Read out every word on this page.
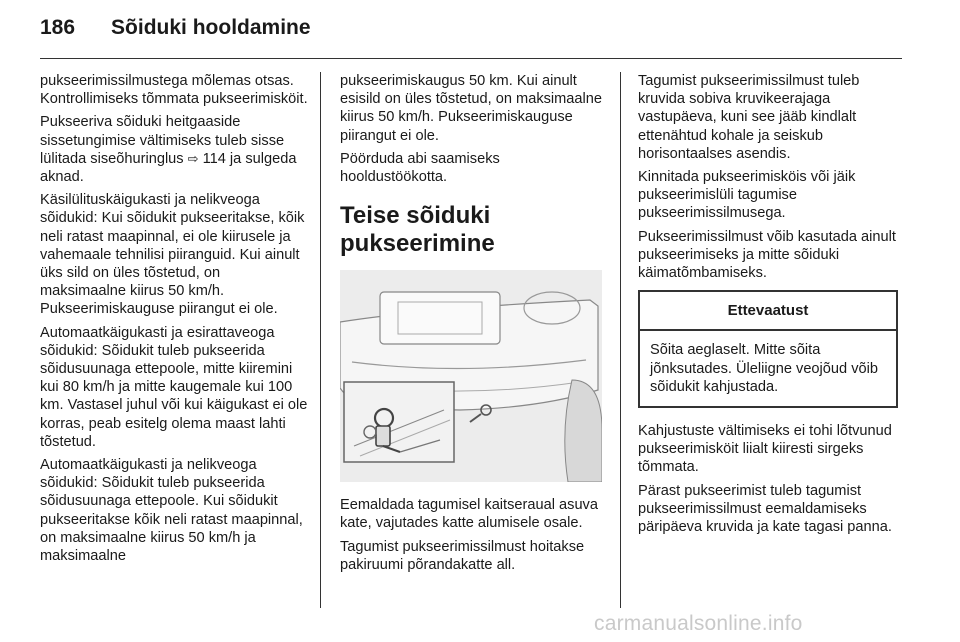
186 Sõiduki hooldamine

pukseerimissilmustega mõlemas otsas. Kontrollimiseks tõmmata pukseerimisköit.

Pukseeriva sõiduki heitgaaside sissetungimise vältimiseks tuleb sisse lülitada siseõhuringlus ⇨ 114 ja sulgeda aknad.

Käsilülituskäigukasti ja nelikveoga sõidukid: Kui sõidukit pukseeritakse, kõik neli ratast maapinnal, ei ole kiirusele ja vahemaale tehnilisi piiranguid. Kui ainult üks sild on üles tõstetud, on maksimaalne kiirus 50 km/h. Pukseerimiskauguse piirangut ei ole.

Automaatkäigukasti ja esirattaveoga sõidukid: Sõidukit tuleb pukseerida sõidusuunaga ettepoole, mitte kiiremini kui 80 km/h ja mitte kaugemale kui 100 km. Vastasel juhul või kui käigukast ei ole korras, peab esitelg olema maast lahti tõstetud.

Automaatkäigukasti ja nelikveoga sõidukid: Sõidukit tuleb pukseerida sõidusuunaga ettepoole. Kui sõidukit pukseeritakse kõik neli ratast maapinnal, on maksimaalne kiirus 50 km/h ja maksimaalne

pukseerimiskaugus 50 km. Kui ainult esisild on üles tõstetud, on maksimaalne kiirus 50 km/h. Pukseerimiskauguse piirangut ei ole.

Pöörduda abi saamiseks hooldustöökotta.

Teise sõiduki pukseerimine

Eemaldada tagumisel kaitseraual asuva kate, vajutades katte alumisele osale.

Tagumist pukseerimissilmust hoitakse pakiruumi põrandakatte all.

Tagumist pukseerimissilmust tuleb kruvida sobiva kruvikeerajaga vastupäeva, kuni see jääb kindlalt ettenähtud kohale ja seiskub horisontaalses asendis.

Kinnitada pukseerimisköis või jäik pukseerimislüli tagumise pukseerimissilmusega.

Pukseerimissilmust võib kasutada ainult pukseerimiseks ja mitte sõiduki käimatõmbamiseks.

Ettevaatust
Sõita aeglaselt. Mitte sõita jõnksutades. Üleliigne veojõud võib sõidukit kahjustada.

Kahjustuste vältimiseks ei tohi lõtvunud pukseerimisköit liialt kiiresti sirgeks tõmmata.

Pärast pukseerimist tuleb tagumist pukseerimissilmust eemaldamiseks päripäeva kruvida ja kate tagasi panna.

carmanualsonline.info
